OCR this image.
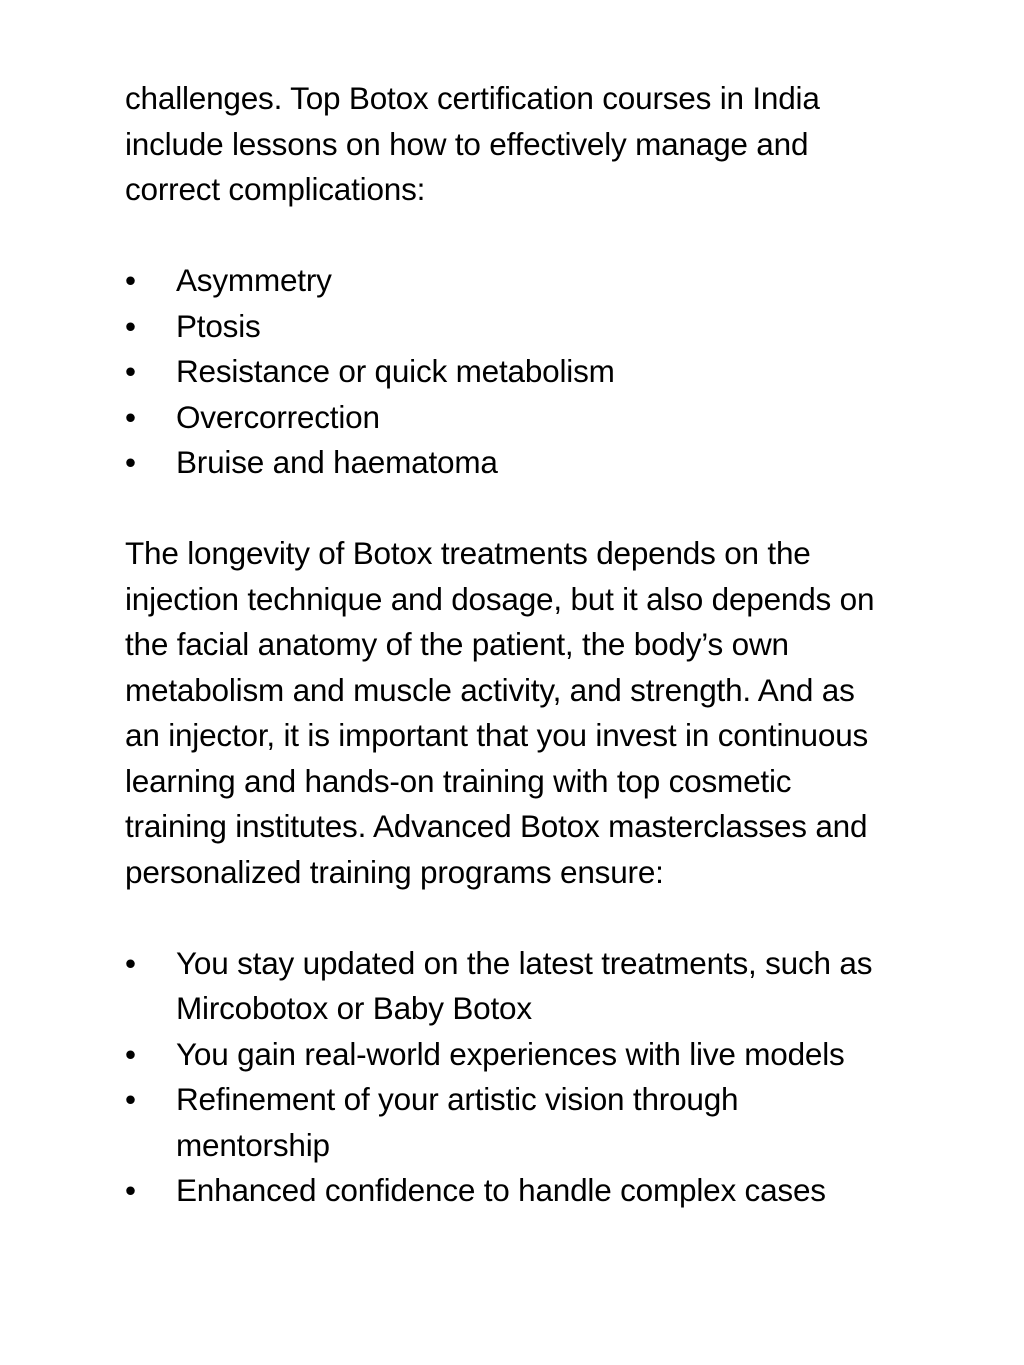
challenges. Top Botox certification courses in India include lessons on how to effectively manage and correct complications:

• Asymmetry
• Ptosis
• Resistance or quick metabolism
• Overcorrection
• Bruise and haematoma

The longevity of Botox treatments depends on the injection technique and dosage, but it also depends on the facial anatomy of the patient, the body’s own metabolism and muscle activity, and strength. And as an injector, it is important that you invest in continuous learning and hands-on training with top cosmetic training institutes. Advanced Botox masterclasses and personalized training programs ensure:

• You stay updated on the latest treatments, such as Mircobotox or Baby Botox
• You gain real-world experiences with live models
• Refinement of your artistic vision through mentorship
• Enhanced confidence to handle complex cases
